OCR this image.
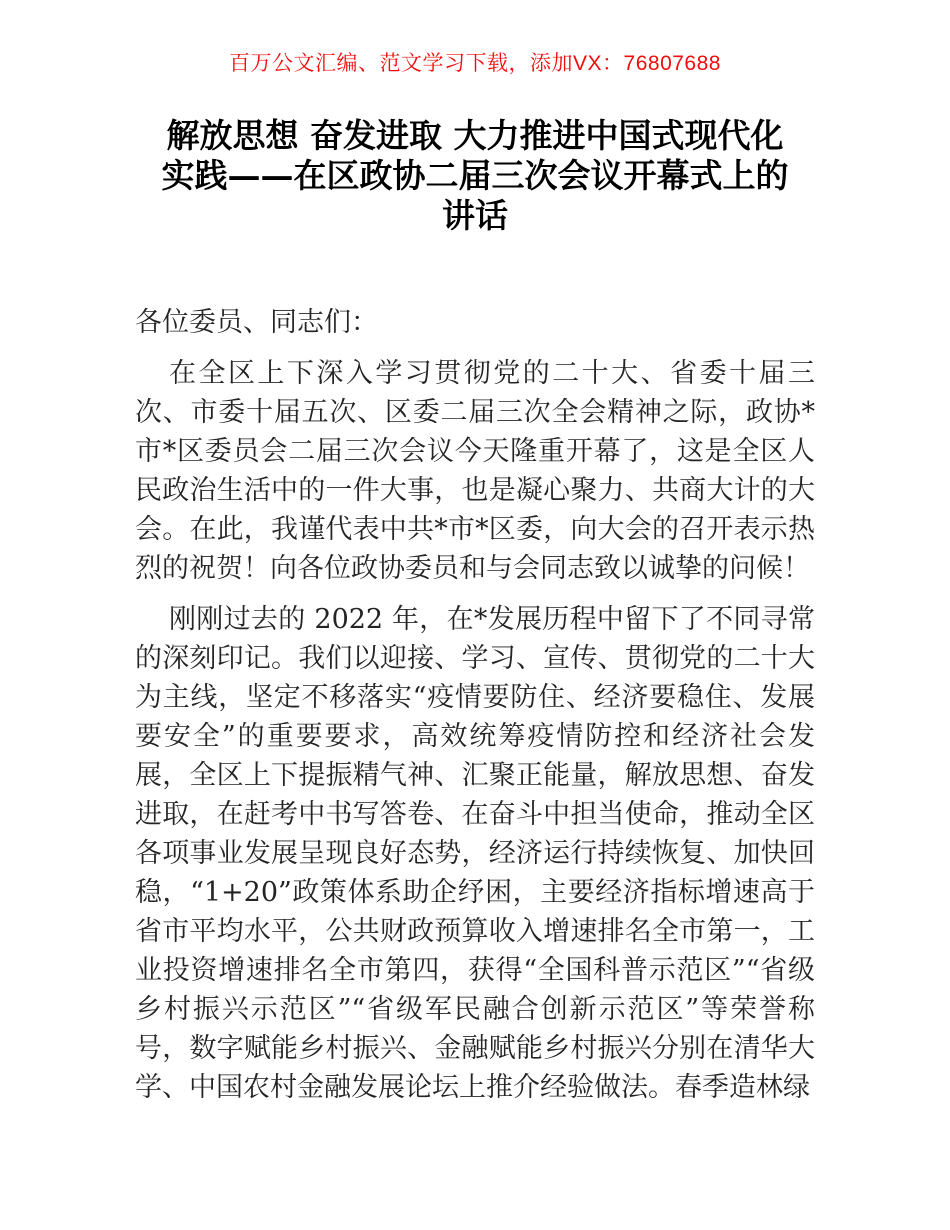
百万公文汇编、范文学习下载，添加VX：76807688
解放思想 奋发进取 大力推进中国式现代化
实践——在区政协二届三次会议开幕式上的
讲话

各位委员、同志们：

在全区上下深入学习贯彻党的二十大、省委十届三次、市委十届五次、区委二届三次全会精神之际，政协*市*区委员会二届三次会议今天隆重开幕了，这是全区人民政治生活中的一件大事，也是凝心聚力、共商大计的大会。在此，我谨代表中共*市*区委，向大会的召开表示热烈的祝贺！向各位政协委员和与会同志致以诚挚的问候！

刚刚过去的 2022 年，在*发展历程中留下了不同寻常的深刻印记。我们以迎接、学习、宣传、贯彻党的二十大为主线，坚定不移落实“疫情要防住、经济要稳住、发展要安全”的重要要求，高效统筹疫情防控和经济社会发展，全区上下提振精气神、汇聚正能量，解放思想、奋发进取，在赶考中书写答卷、在奋斗中担当使命，推动全区各项事业发展呈现良好态势，经济运行持续恢复、加快回稳，“1+20”政策体系助企纾困，主要经济指标增速高于省市平均水平，公共财政预算收入增速排名全市第一，工业投资增速排名全市第四，获得“全国科普示范区”“省级乡村振兴示范区”“省级军民融合创新示范区”等荣誉称号，数字赋能乡村振兴、金融赋能乡村振兴分别在清华大学、中国农村金融发展论坛上推介经验做法。春季造林绿
